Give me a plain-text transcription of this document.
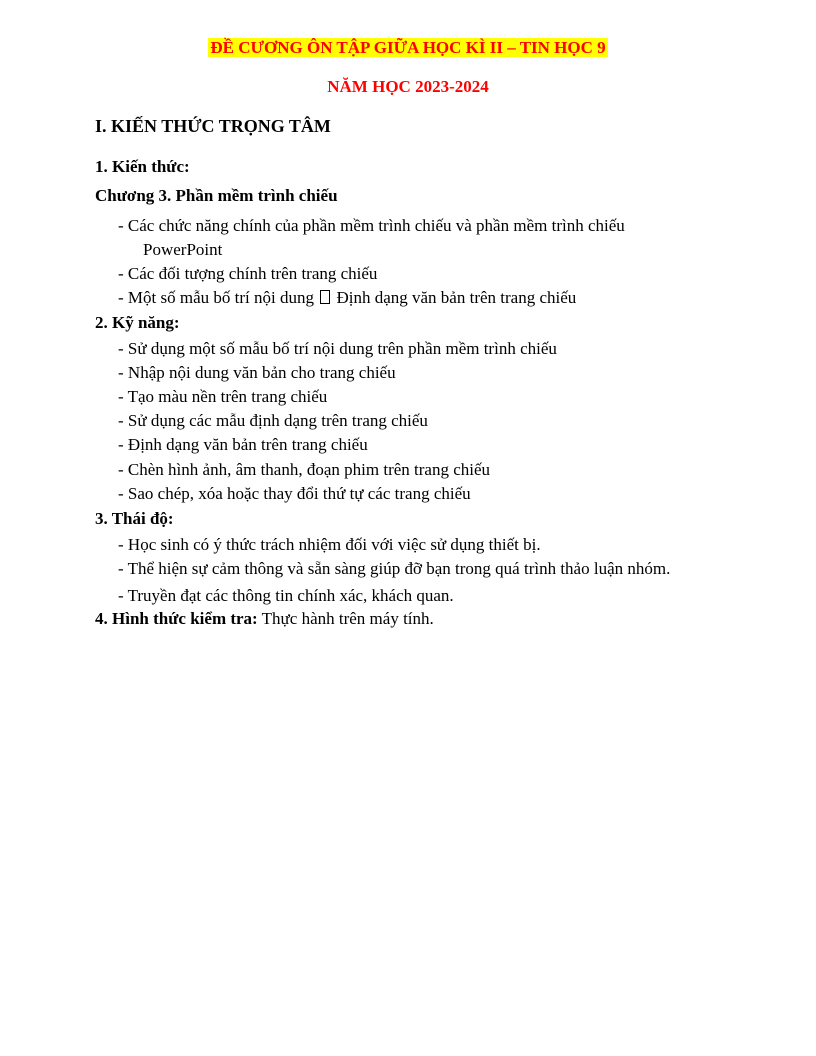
ĐỀ CƯƠNG ÔN TẬP GIỮA HỌC KÌ II – TIN HỌC 9
NĂM HỌC 2023-2024
I. KIẾN THỨC TRỌNG TÂM
1. Kiến thức:
Chương 3. Phần mềm trình chiếu
- Các chức năng chính của phần mềm trình chiếu và phần mềm trình chiếu
PowerPoint
- Các đối tượng chính trên trang chiếu
- Một số mẫu bố trí nội dung Định dạng văn bản trên trang chiếu
2. Kỹ năng:
- Sử dụng một số mẫu bố trí nội dung trên phần mềm trình chiếu
- Nhập nội dung văn bản cho trang chiếu
- Tạo màu nền trên trang chiếu
- Sử dụng các mẫu định dạng trên trang chiếu
- Định dạng văn bản trên trang chiếu
- Chèn hình ảnh, âm thanh, đoạn phim trên trang chiếu
- Sao chép, xóa hoặc thay đổi thứ tự các trang chiếu
3. Thái độ:
- Học sinh có ý thức trách nhiệm đối với việc sử dụng thiết bị.
- Thể hiện sự cảm thông và sẵn sàng giúp đỡ bạn trong quá trình thảo luận nhóm.
- Truyền đạt các thông tin chính xác, khách quan.
4. Hình thức kiểm tra: Thực hành trên máy tính.
